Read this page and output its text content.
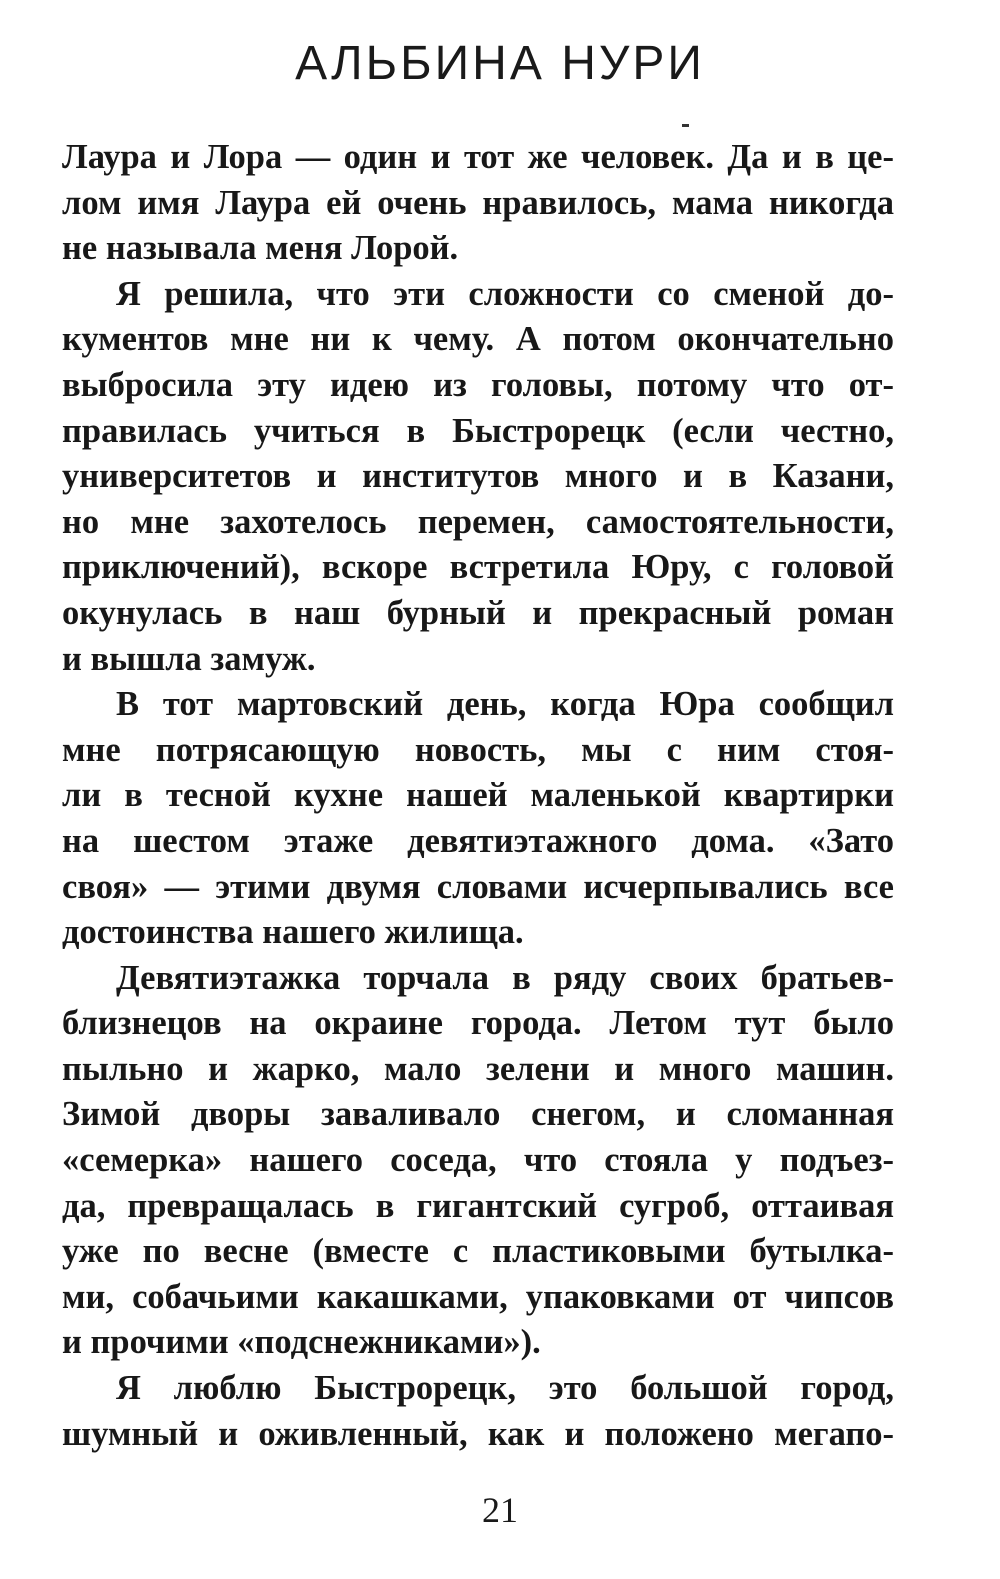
АЛЬБИНА НУРИ
Лаура и Лора — один и тот же человек. Да и в це-
лом имя Лаура ей очень нравилось, мама никогда
не называла меня Лорой.
Я решила, что эти сложности со сменой до-
кументов мне ни к чему. А потом окончательно
выбросила эту идею из головы, потому что от-
правилась учиться в Быстрорецк (если честно,
университетов и институтов много и в Казани,
но мне захотелось перемен, самостоятельности,
приключений), вскоре встретила Юру, с головой
окунулась в наш бурный и прекрасный роман
и вышла замуж.
В тот мартовский день, когда Юра сообщил
мне потрясающую новость, мы с ним стоя-
ли в тесной кухне нашей маленькой квартирки
на шестом этаже девятиэтажного дома. «Зато
своя» — этими двумя словами исчерпывались все
достоинства нашего жилища.
Девятиэтажка торчала в ряду своих братьев-
близнецов на окраине города. Летом тут было
пыльно и жарко, мало зелени и много машин.
Зимой дворы заваливало снегом, и сломанная
«семерка» нашего соседа, что стояла у подъез-
да, превращалась в гигантский сугроб, оттаивая
уже по весне (вместе с пластиковыми бутылка-
ми, собачьими какашками, упаковками от чипсов
и прочими «подснежниками»).
Я люблю Быстрорецк, это большой город,
шумный и оживленный, как и положено мегапо-
21
